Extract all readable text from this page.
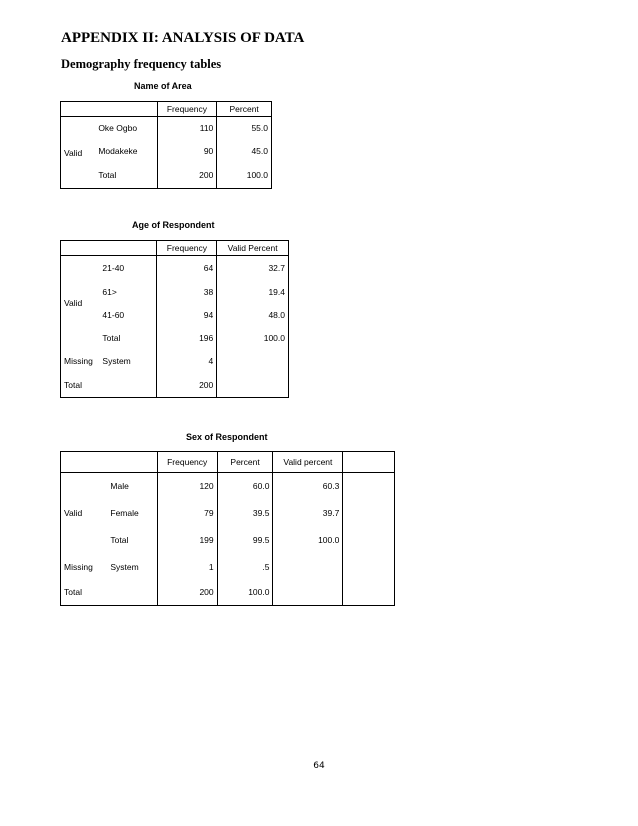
APPENDIX II: ANALYSIS OF DATA
Demography frequency tables
Name of Area
		Frequency	Percent
Valid	Oke Ogbo	110	55.0
	Modakeke	90	45.0
	Total	200	100.0
Age of Respondent
		Frequency	Valid Percent
Valid	21-40	64	32.7
	61>	38	19.4
	41-60	94	48.0
	Total	196	100.0
Missing	System	4	
Total		200	
Sex of Respondent
		Frequency	Percent	Valid percent	
Valid	Male	120	60.0	60.3	
	Female	79	39.5	39.7	
	Total	199	99.5	100.0	
Missing	System	1	.5		
Total		200	100.0		
64
